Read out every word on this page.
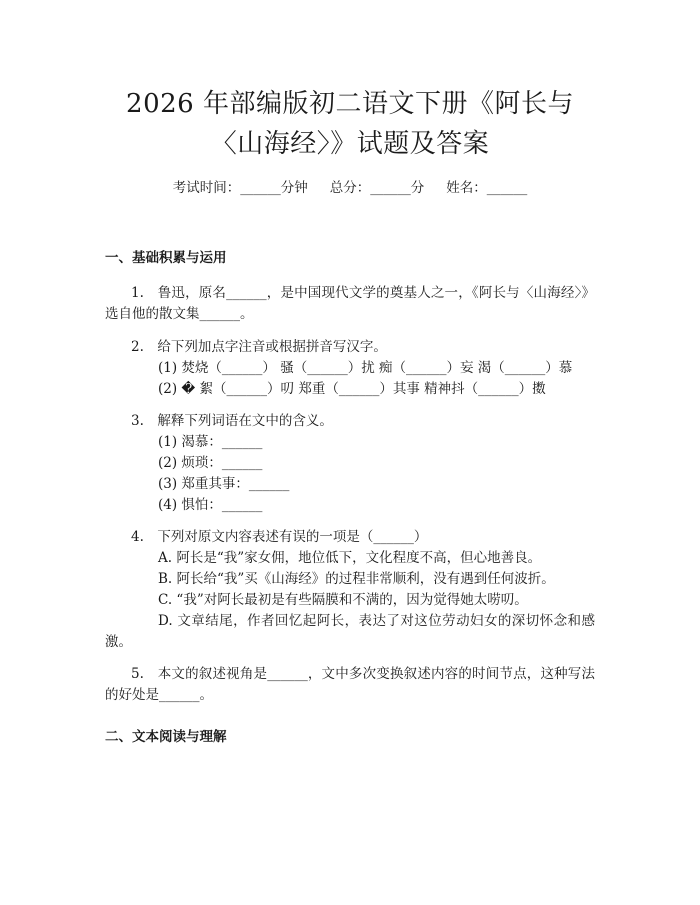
2026 年部编版初二语文下册《阿长与〈山海经〉》试题及答案
考试时间：______分钟 总分：______分 姓名：______
一、基础积累与运用

1.　鲁迅，原名______，是中国现代文学的奠基人之一，《阿长与〈山海经〉》选自他的散文集______。

2.　给下列加点字注音或根据拼音写汉字。

(1) 焚烧（______） 骚（______）扰 痴（______）妄 渴（______）慕

(2) � 絮（______）叨 郑重（______）其事 精神抖（______）擞

3.　解释下列词语在文中的含义。

(1) 渴慕：______

(2) 烦琐：______

(3) 郑重其事：______

(4) 惧怕：______

4.　下列对原文内容表述有误的一项是（______）

A. 阿长是“我”家女佣，地位低下，文化程度不高，但心地善良。

B. 阿长给“我”买《山海经》的过程非常顺利，没有遇到任何波折。

C. “我”对阿长最初是有些隔膜和不满的，因为觉得她太唠叨。

D. 文章结尾，作者回忆起阿长，表达了对这位劳动妇女的深切怀念和感激。

5.　本文的叙述视角是______，文中多次变换叙述内容的时间节点，这种写法的好处是______。

二、文本阅读与理解
